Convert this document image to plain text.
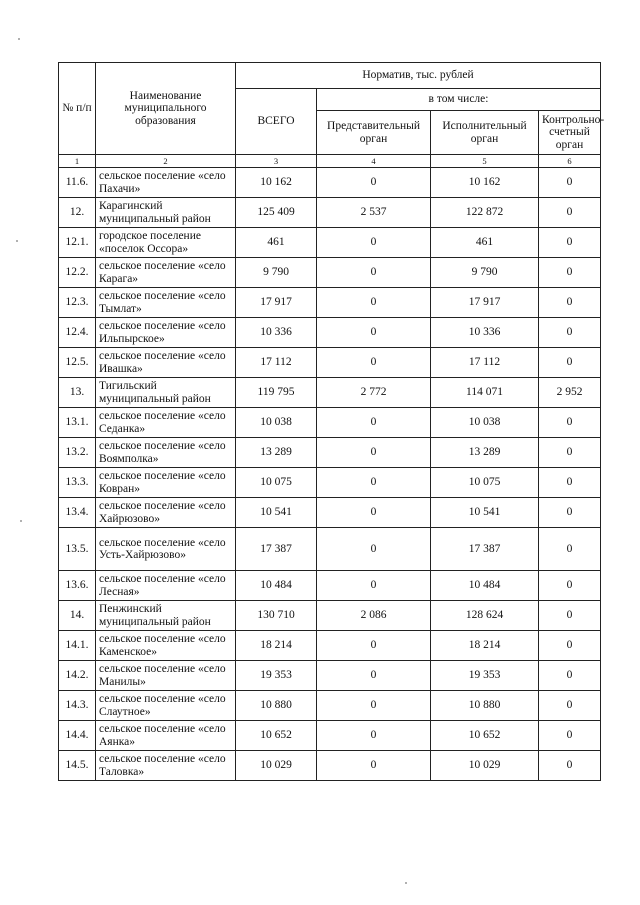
№ п/п	Наименование муниципального образования	Норматив, тыс. рублей			
		ВСЕГО	в том числе:		
			Представительный орган	Исполнительный орган	Контрольно-счетный орган
1	2	3	4	5	6
11.6.	сельское поселение «село Пахачи»	10 162	0	10 162	0
12.	Карагинский муниципальный район	125 409	2 537	122 872	0
12.1.	городское поселение «поселок Оссора»	461	0	461	0
12.2.	сельское поселение «село Карага»	9 790	0	9 790	0
12.3.	сельское поселение «село Тымлат»	17 917	0	17 917	0
12.4.	сельское поселение «село Ильпырское»	10 336	0	10 336	0
12.5.	сельское поселение «село Ивашка»	17 112	0	17 112	0
13.	Тигильский муниципальный район	119 795	2 772	114 071	2 952
13.1.	сельское поселение «село Седанка»	10 038	0	10 038	0
13.2.	сельское поселение «село Воямполка»	13 289	0	13 289	0
13.3.	сельское поселение «село Ковран»	10 075	0	10 075	0
13.4.	сельское поселение «село Хайрюзово»	10 541	0	10 541	0
13.5.	сельское поселение «село Усть-Хайрюзово»	17 387	0	17 387	0
13.6.	сельское поселение «село Лесная»	10 484	0	10 484	0
14.	Пенжинский муниципальный район	130 710	2 086	128 624	0
14.1.	сельское поселение «село Каменское»	18 214	0	18 214	0
14.2.	сельское поселение «село Манилы»	19 353	0	19 353	0
14.3.	сельское поселение «село Слаутное»	10 880	0	10 880	0
14.4.	сельское поселение «село Аянка»	10 652	0	10 652	0
14.5.	сельское поселение «село Таловка»	10 029	0	10 029	0
